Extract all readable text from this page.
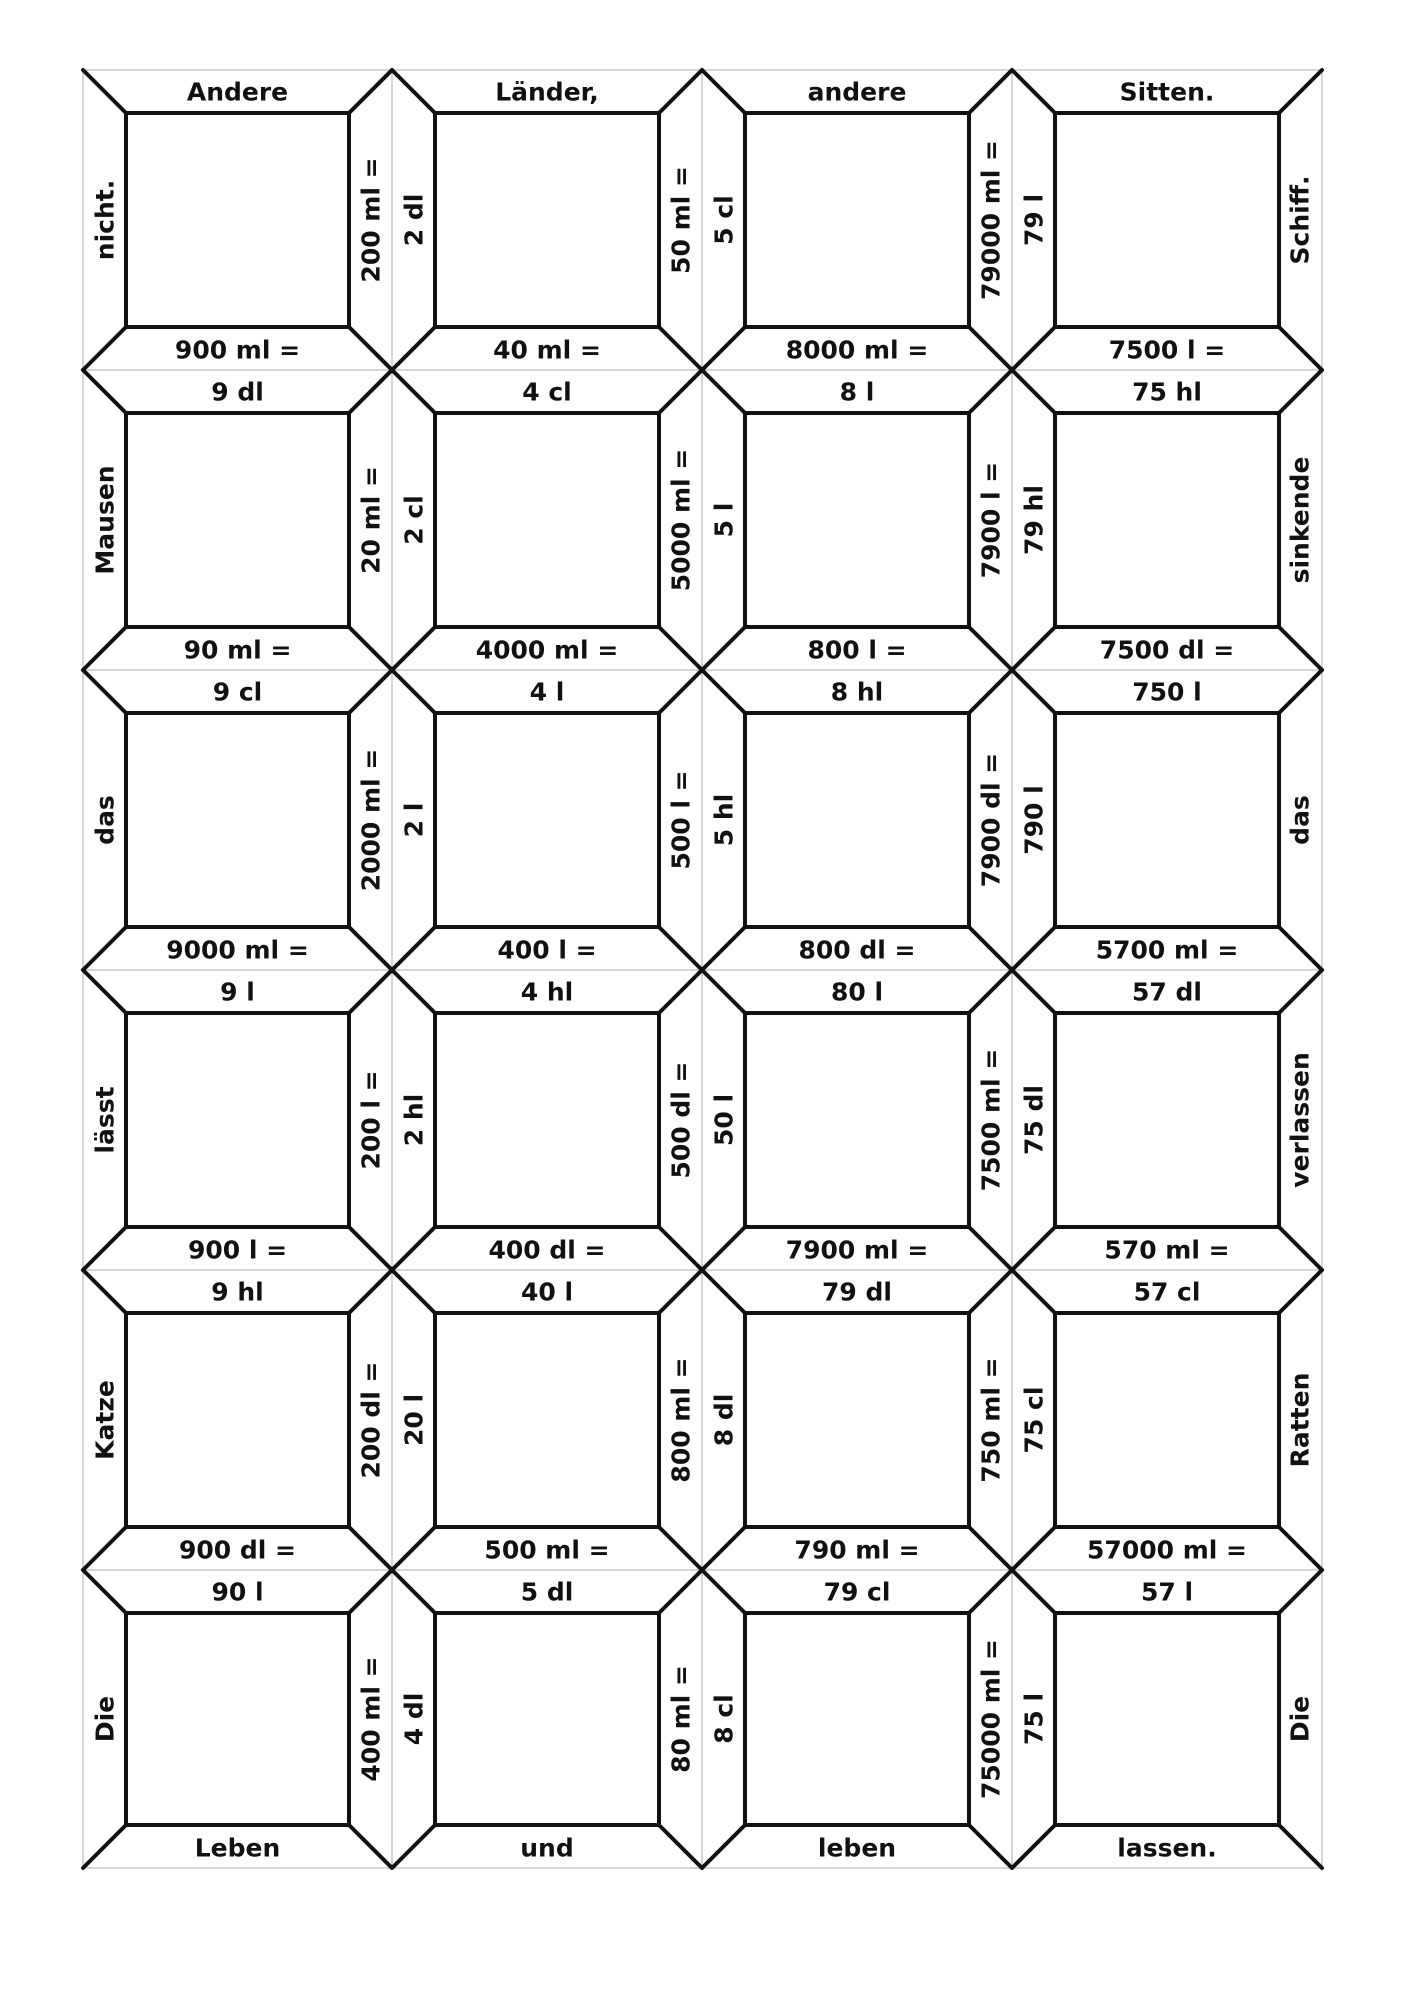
Andere	Länder,	andere	Sitten.
Leben	und	leben	lassen.
nicht.
Mausen
das
lässt
Katze
Die
Schiff.
sinkende
das
verlassen
Ratten
Die
900 ml =
9 dl
40 ml =
4 cl
8000 ml =
8 l
7500 l =
75 hl
90 ml =
9 cl
4000 ml =
4 l
800 l =
8 hl
7500 dl =
750 l
9000 ml =
9 l
400 l =
4 hl
800 dl =
80 l
5700 ml =
57 dl
900 l =
9 hl
400 dl =
40 l
7900 ml =
79 dl
570 ml =
57 cl
900 dl =
90 l
500 ml =
5 dl
790 ml =
79 cl
57000 ml =
57 l
200 ml = 2 dl	50 ml = 5 cl	79000 ml = 79 l
20 ml = 2 cl	5000 ml = 5 l	7900 l = 79 hl
2000 ml = 2 l	500 l = 5 hl	7900 dl = 790 l
200 l = 2 hl	500 dl = 50 l	7500 ml = 75 dl
200 dl = 20 l	800 ml = 8 dl	750 ml = 75 cl
400 ml = 4 dl	80 ml = 8 cl	75000 ml = 75 l
